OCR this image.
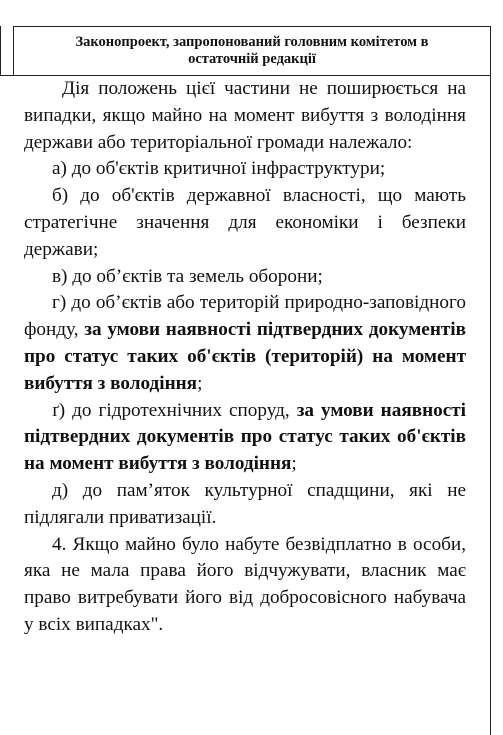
Законопроект, запропонований головним комітетом в остаточній редакції

Дія положень цієї частини не поширюється на випадки, якщо майно на момент вибуття з володіння держави або територіальної громади належало:

а) до об'єктів критичної інфраструктури;

б) до об'єктів державної власності, що мають стратегічне значення для економіки і безпеки держави;

в) до об’єктів та земель оборони;

г) до об’єктів або територій природно-заповідного фонду, за умови наявності підтвердних документів про статус таких об'єктів (територій) на момент вибуття з володіння;

ґ) до гідротехнічних споруд, за умови наявності підтвердних документів про статус таких об'єктів на момент вибуття з володіння;

д) до пам’яток культурної спадщини, які не підлягали приватизації.

4. Якщо майно було набуте безвідплатно в особи, яка не мала права його відчужувати, власник має право витребувати його від добросовісного набувача у всіх випадках".
